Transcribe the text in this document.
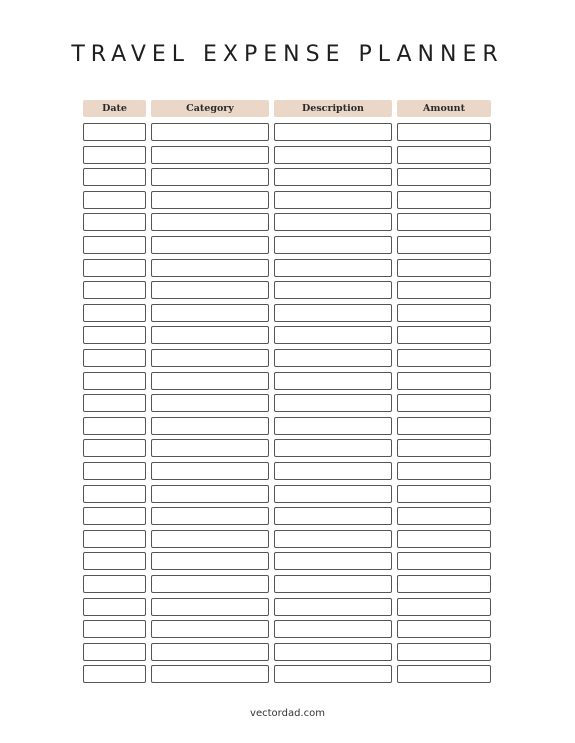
TRAVEL EXPENSE PLANNER
Date	Category	Description	Amount
vectordad.com
